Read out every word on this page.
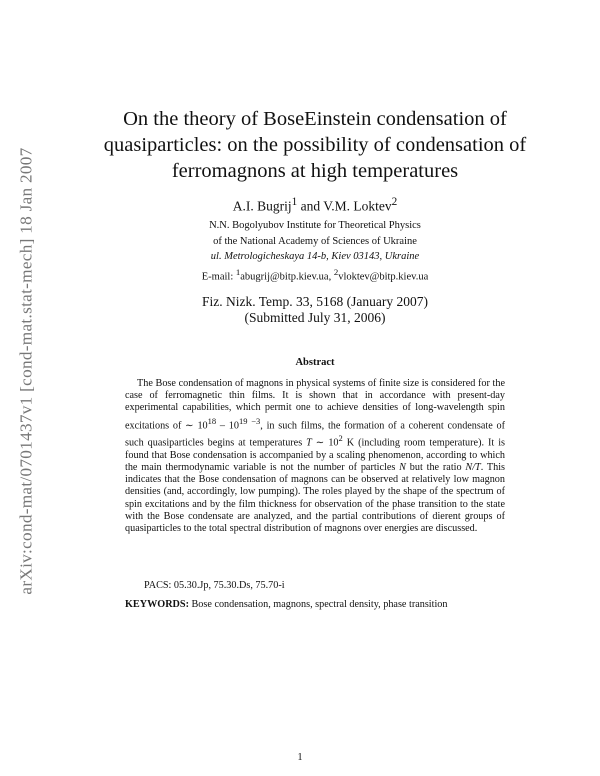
arXiv:cond-mat/0701437v1 [cond-mat.stat-mech] 18 Jan 2007
On the theory of BoseEinstein condensation of
quasiparticles: on the possibility of condensation of
ferromagnons at high temperatures
A.I. Bugrij$^1$ and V.M. Loktev$^2$
N.N. Bogolyubov Institute for Theoretical Physics
of the National Academy of Sciences of Ukraine
ul. Metrologicheskaya 14-b, Kiev 03143, Ukraine
E-mail: $^1$abugrij@bitp.kiev.ua, $^2$vloktev@bitp.kiev.ua
Fiz. Nizk. Temp. 33, 5168 (January 2007)
(Submitted July 31, 2006)
Abstract

The Bose condensation of magnons in physical systems of finite size is considered for the case of ferromagnetic thin films. It is shown that in accordance with present-day experimental capabilities, which permit one to achieve densities of long-wavelength spin excitations of ∼ $10^{18} - 10^{19}$ $^{-3}$, in such films, the formation of a coherent condensate of such quasiparticles begins at temperatures T ∼ $10^2$ K (including room temperature). It is found that Bose condensation is accompanied by a scaling phenomenon, according to which the main thermodynamic variable is not the number of particles N but the ratio N/T. This indicates that the Bose condensation of magnons can be observed at relatively low magnon densities (and, accordingly, low pumping). The roles played by the shape of the spectrum of spin excitations and by the film thickness for observation of the phase transition to the state with the Bose condensate are analyzed, and the partial contributions of dierent groups of quasiparticles to the total spectral distribution of magnons over energies are discussed.

PACS: 05.30.Jp, 75.30.Ds, 75.70-i
KEYWORDS: Bose condensation, magnons, spectral density, phase transition
1
